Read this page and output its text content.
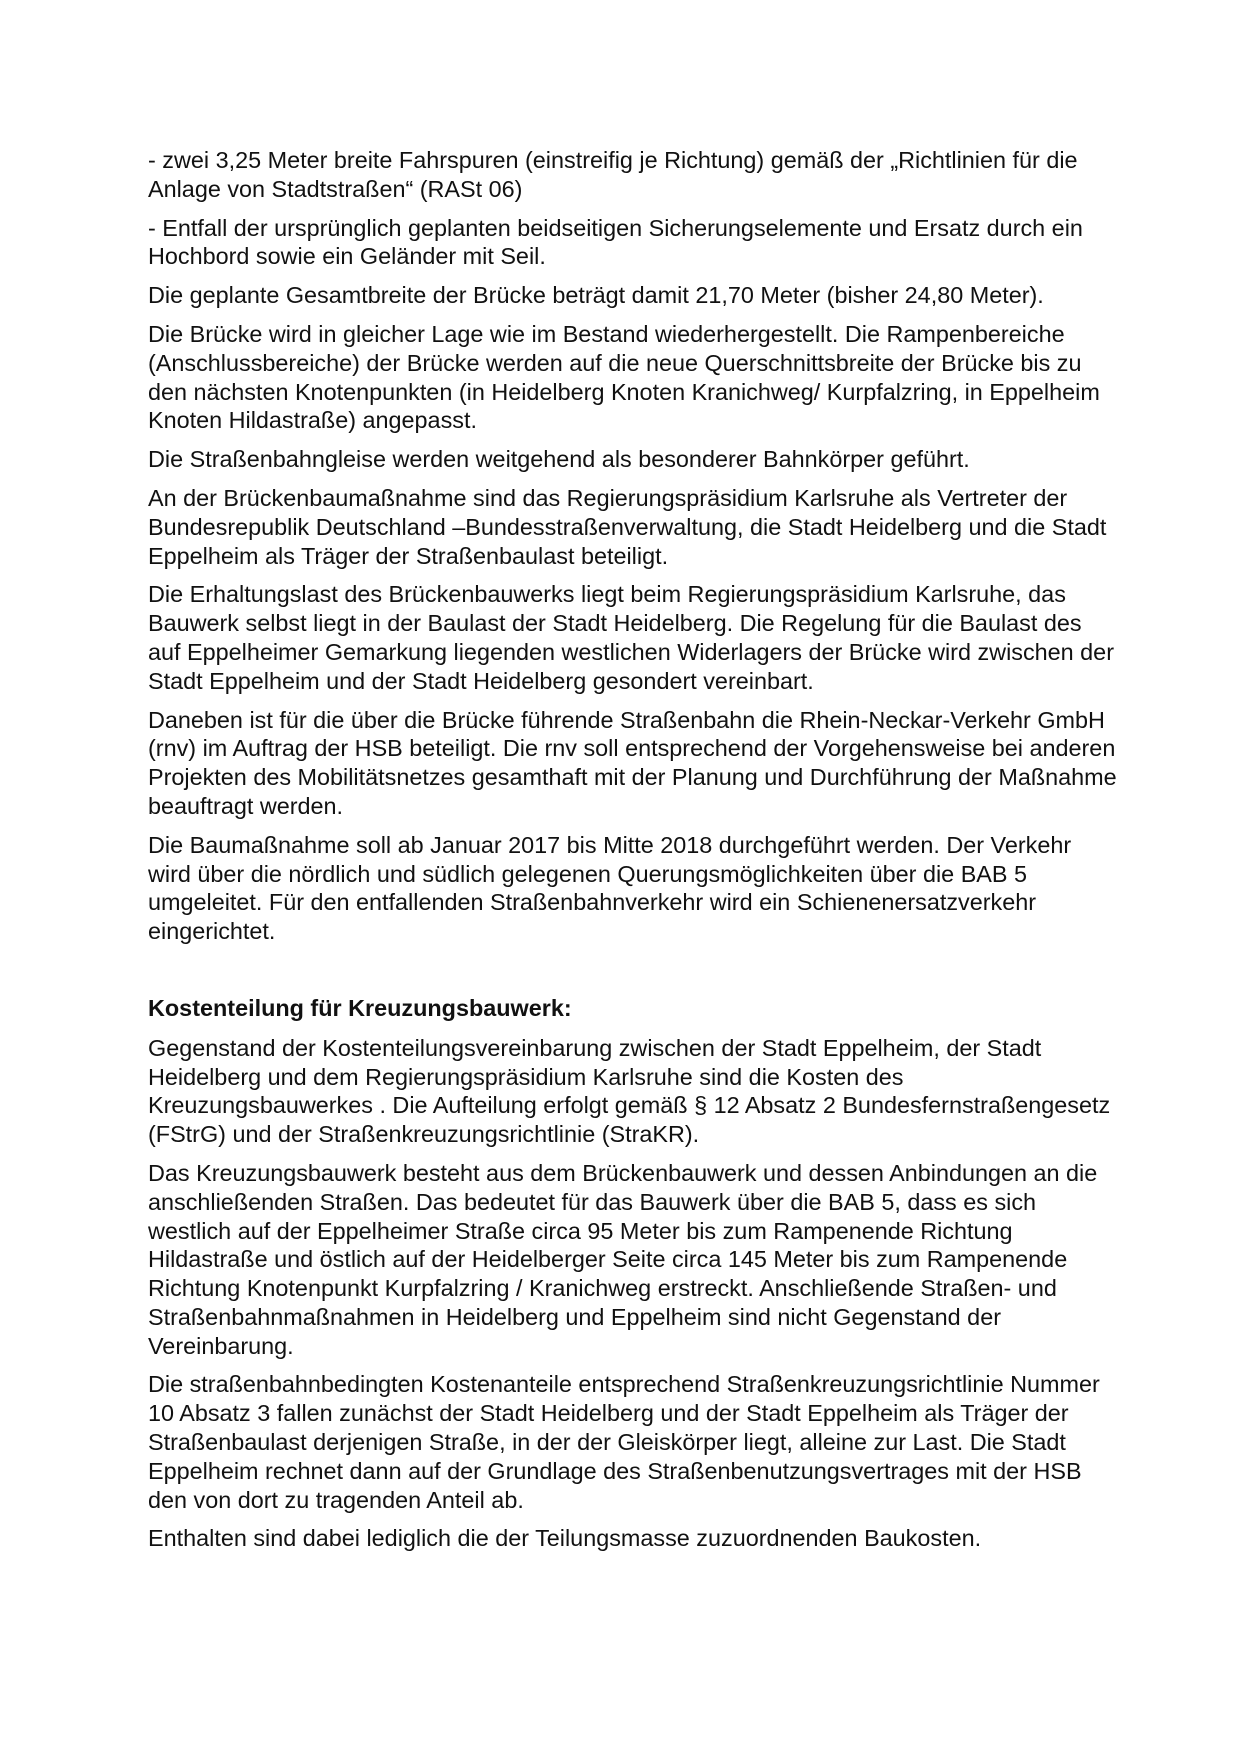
- zwei 3,25 Meter breite Fahrspuren (einstreifig je Richtung) gemäß der „Richtlinien für die Anlage von Stadtstraßen“ (RASt 06)

- Entfall der ursprünglich geplanten beidseitigen Sicherungselemente und Ersatz durch ein Hochbord sowie ein Geländer mit Seil.

Die geplante Gesamtbreite der Brücke beträgt damit 21,70 Meter (bisher 24,80 Meter).

Die Brücke wird in gleicher Lage wie im Bestand wiederhergestellt. Die Rampenbereiche (Anschlussbereiche) der Brücke werden auf die neue Querschnittsbreite der Brücke bis zu den nächsten Knotenpunkten (in Heidelberg Knoten Kranichweg/ Kurpfalzring, in Eppelheim Knoten Hildastraße) angepasst.

Die Straßenbahngleise werden weitgehend als besonderer Bahnkörper geführt.

An der Brückenbaumaßnahme sind das Regierungspräsidium Karlsruhe als Vertreter der Bundesrepublik Deutschland –Bundesstraßenverwaltung, die Stadt Heidelberg und die Stadt Eppelheim als Träger der Straßenbaulast beteiligt.

Die Erhaltungslast des Brückenbauwerks liegt beim Regierungspräsidium Karlsruhe, das Bauwerk selbst liegt in der Baulast der Stadt Heidelberg. Die Regelung für die Baulast des auf Eppelheimer Gemarkung liegenden westlichen Widerlagers der Brücke wird zwischen der Stadt Eppelheim und der Stadt Heidelberg gesondert vereinbart.

Daneben ist für die über die Brücke führende Straßenbahn die Rhein-Neckar-Verkehr GmbH (rnv) im Auftrag der HSB beteiligt. Die rnv soll entsprechend der Vorgehensweise bei anderen Projekten des Mobilitätsnetzes gesamthaft mit der Planung und Durchführung der Maßnahme beauftragt werden.

Die Baumaßnahme soll ab Januar 2017 bis Mitte 2018 durchgeführt werden. Der Verkehr wird über die nördlich und südlich gelegenen Querungsmöglichkeiten über die BAB 5 umgeleitet. Für den entfallenden Straßenbahnverkehr wird ein Schienenersatzverkehr eingerichtet.

Kostenteilung für Kreuzungsbauwerk:

Gegenstand der Kostenteilungsvereinbarung zwischen der Stadt Eppelheim, der Stadt Heidelberg und dem Regierungspräsidium Karlsruhe sind die Kosten des Kreuzungsbauwerkes . Die Aufteilung erfolgt gemäß § 12 Absatz 2 Bundesfernstraßengesetz (FStrG) und der Straßenkreuzungsrichtlinie (StraKR).

Das Kreuzungsbauwerk besteht aus dem Brückenbauwerk und dessen Anbindungen an die anschließenden Straßen. Das bedeutet für das Bauwerk über die BAB 5, dass es sich westlich auf der Eppelheimer Straße circa 95 Meter bis zum Rampenende Richtung Hildastraße und östlich auf der Heidelberger Seite circa 145 Meter bis zum Rampenende Richtung Knotenpunkt Kurpfalzring / Kranichweg erstreckt. Anschließende Straßen- und Straßenbahnmaßnahmen in Heidelberg und Eppelheim sind nicht Gegenstand der Vereinbarung.

Die straßenbahnbedingten Kostenanteile entsprechend Straßenkreuzungsrichtlinie Nummer 10 Absatz 3 fallen zunächst der Stadt Heidelberg und der Stadt Eppelheim als Träger der Straßenbaulast derjenigen Straße, in der der Gleiskörper liegt, alleine zur Last. Die Stadt Eppelheim rechnet dann auf der Grundlage des Straßenbenutzungsvertrages mit der HSB den von dort zu tragenden Anteil ab.

Enthalten sind dabei lediglich die der Teilungsmasse zuzuordnenden Baukosten.
